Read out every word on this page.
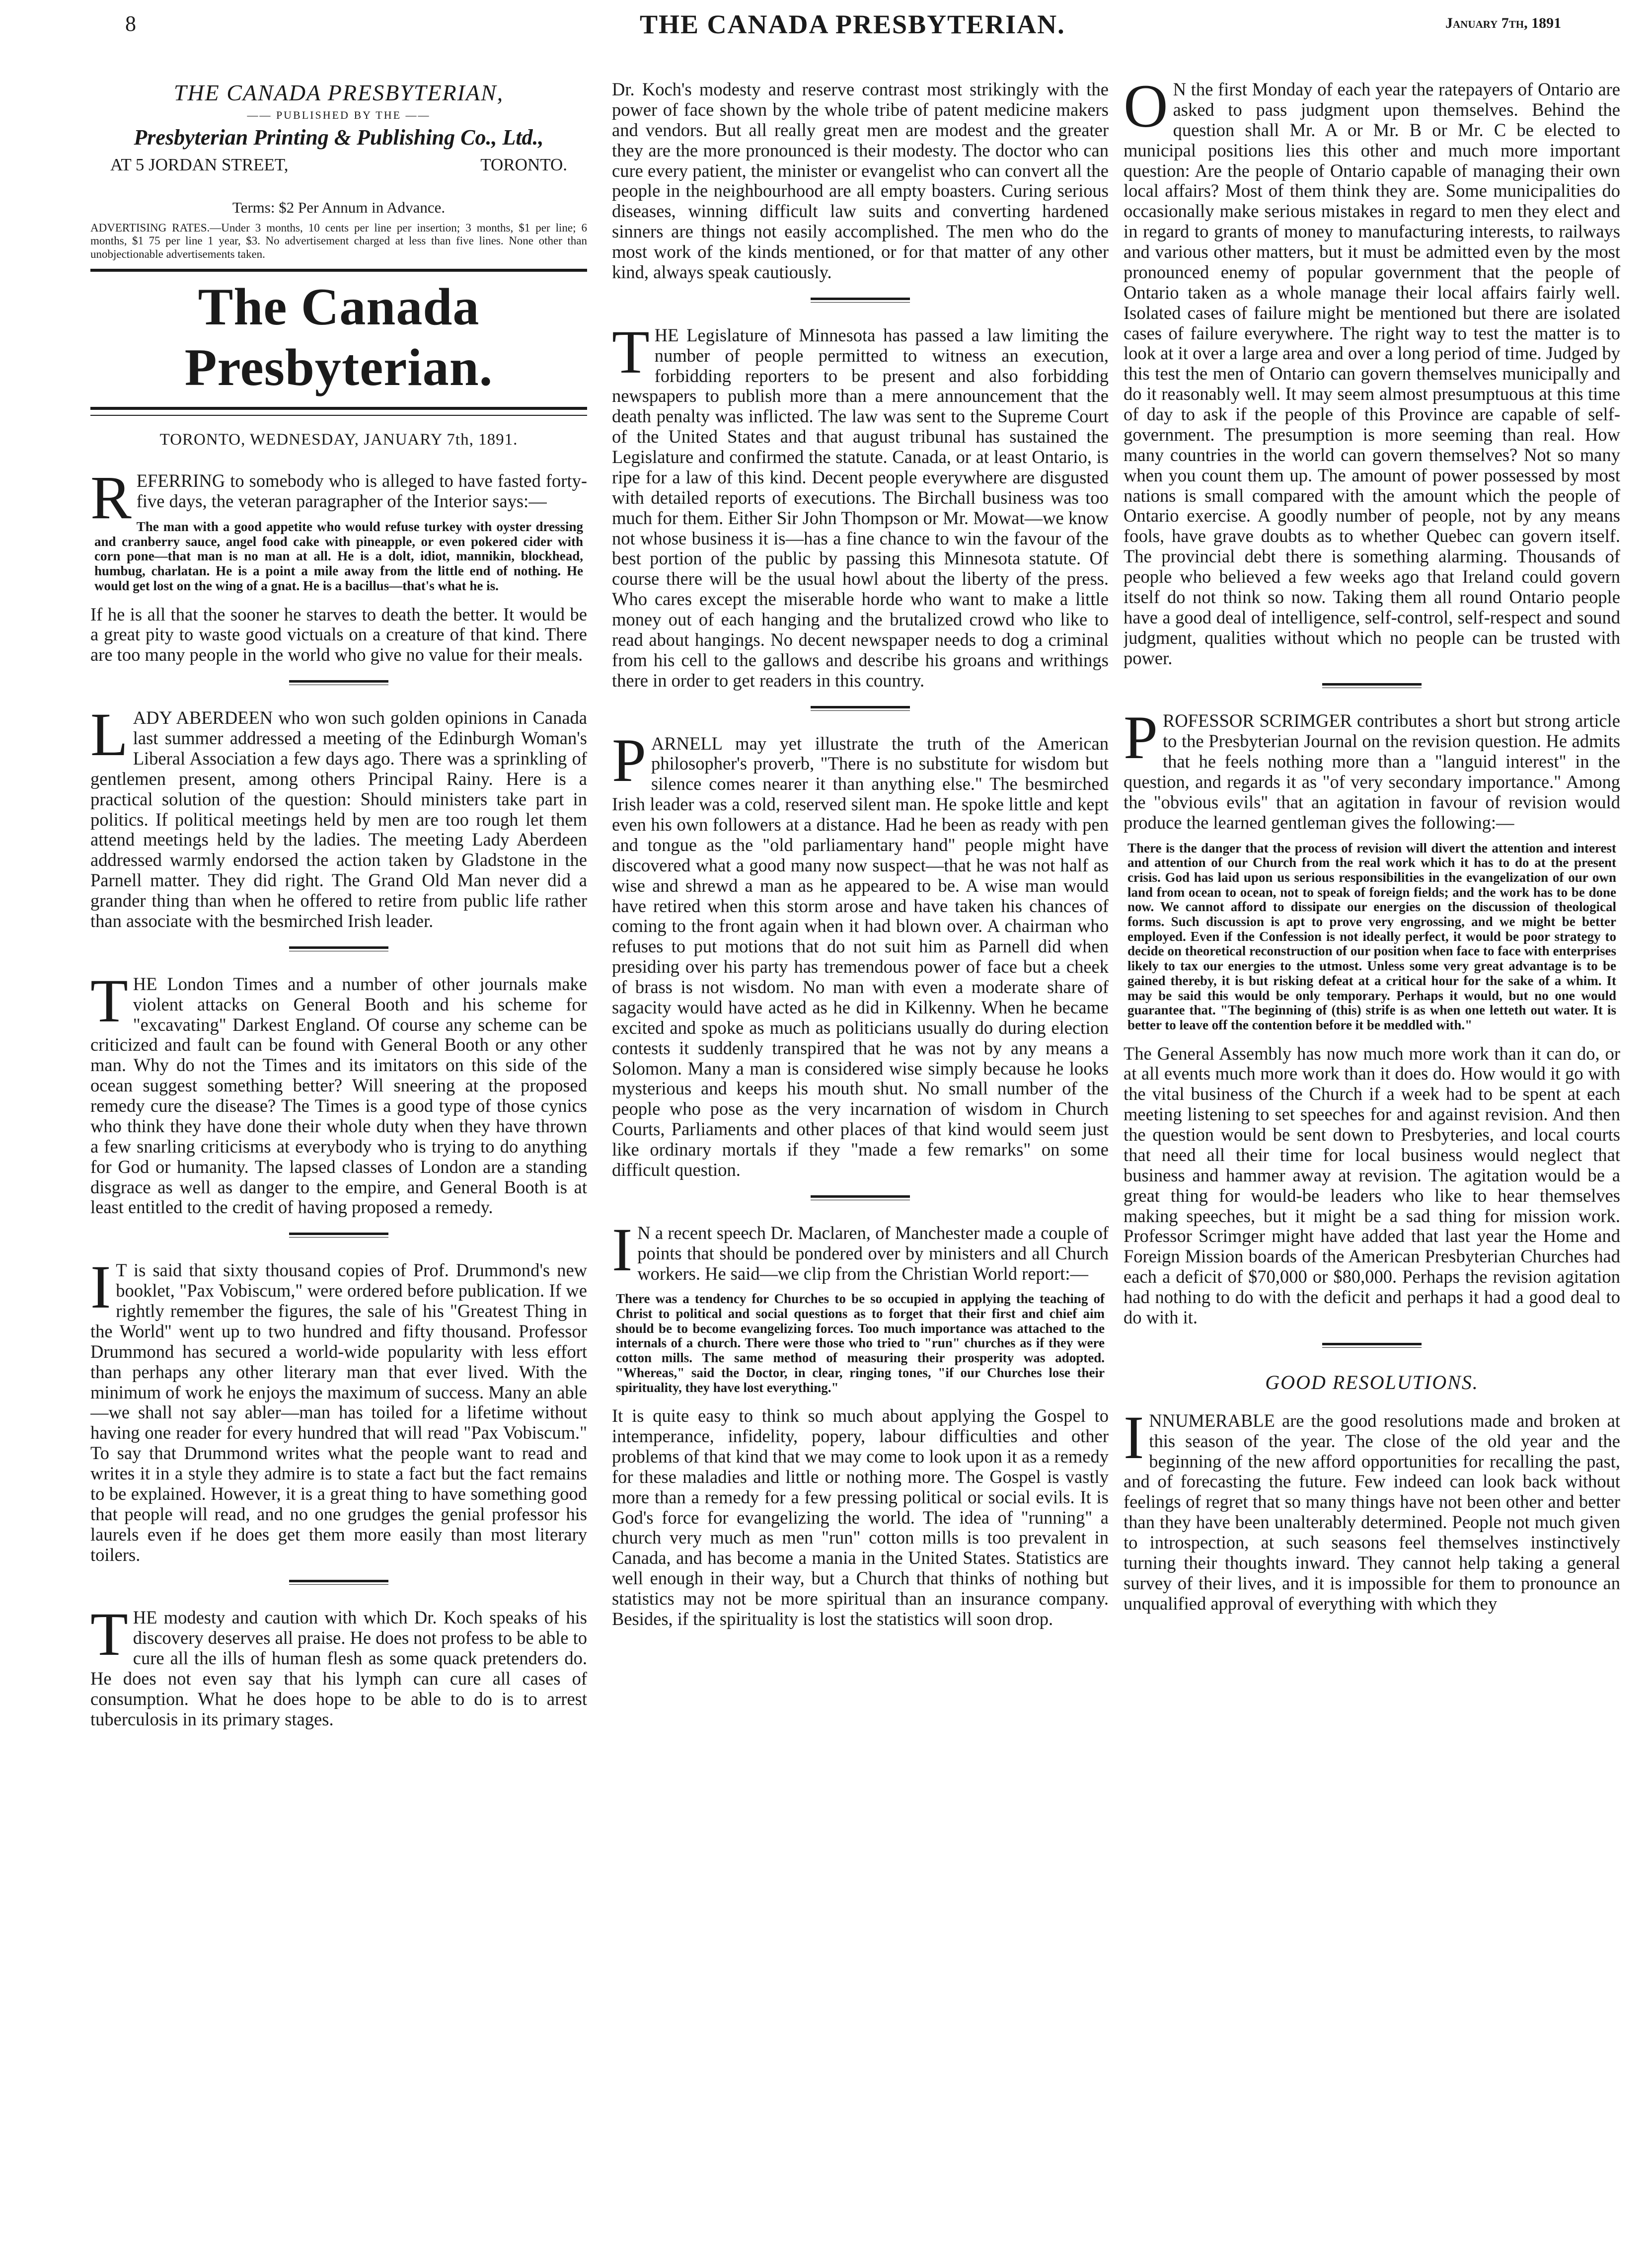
8	THE CANADA PRESBYTERIAN.	January 7th, 1891
THE CANADA PRESBYTERIAN,
—— PUBLISHED BY THE ——
Presbyterian Printing & Publishing Co., Ltd.,
AT 5 JORDAN STREET,	TORONTO.
Terms: $2 Per Annum in Advance.
ADVERTISING RATES.—Under 3 months, 10 cents per line per insertion; 3 months, $1 per line; 6 months, $1 75 per line 1 year, $3. No advertisement charged at less than five lines. None other than unobjectionable advertisements taken.
The Canada Presbyterian.
TORONTO, WEDNESDAY, JANUARY 7th, 1891.

REFERRING to somebody who is alleged to have fasted forty-five days, the veteran paragrapher of the Interior says:—

The man with a good appetite who would refuse turkey with oyster dressing and cranberry sauce, angel food cake with pineapple, or even pokered cider with corn pone—that man is no man at all. He is a dolt, idiot, mannikin, blockhead, humbug, charlatan. He is a point a mile away from the little end of nothing. He would get lost on the wing of a gnat. He is a bacillus—that's what he is.

If he is all that the sooner he starves to death the better. It would be a great pity to waste good victuals on a creature of that kind. There are too many people in the world who give no value for their meals.

LADY ABERDEEN who won such golden opinions in Canada last summer addressed a meeting of the Edinburgh Woman's Liberal Association a few days ago. There was a sprinkling of gentlemen present, among others Principal Rainy. Here is a practical solution of the question: Should ministers take part in politics. If political meetings held by men are too rough let them attend meetings held by the ladies. The meeting Lady Aberdeen addressed warmly endorsed the action taken by Gladstone in the Parnell matter. They did right. The Grand Old Man never did a grander thing than when he offered to retire from public life rather than associate with the besmirched Irish leader.

THE London Times and a number of other journals make violent attacks on General Booth and his scheme for "excavating" Darkest England. Of course any scheme can be criticized and fault can be found with General Booth or any other man. Why do not the Times and its imitators on this side of the ocean suggest something better? Will sneering at the proposed remedy cure the disease? The Times is a good type of those cynics who think they have done their whole duty when they have thrown a few snarling criticisms at everybody who is trying to do anything for God or humanity. The lapsed classes of London are a standing disgrace as well as danger to the empire, and General Booth is at least entitled to the credit of having proposed a remedy.

IT is said that sixty thousand copies of Prof. Drummond's new booklet, "Pax Vobiscum," were ordered before publication. If we rightly remember the figures, the sale of his "Greatest Thing in the World" went up to two hundred and fifty thousand. Professor Drummond has secured a world-wide popularity with less effort than perhaps any other literary man that ever lived. With the minimum of work he enjoys the maximum of success. Many an able—we shall not say abler—man has toiled for a lifetime without having one reader for every hundred that will read "Pax Vobiscum." To say that Drummond writes what the people want to read and writes it in a style they admire is to state a fact but the fact remains to be explained. However, it is a great thing to have something good that people will read, and no one grudges the genial professor his laurels even if he does get them more easily than most literary toilers.

THE modesty and caution with which Dr. Koch speaks of his discovery deserves all praise. He does not profess to be able to cure all the ills of human flesh as some quack pretenders do. He does not even say that his lymph can cure all cases of consumption. What he does hope to be able to do is to arrest tuberculosis in its primary stages.

Dr. Koch's modesty and reserve contrast most strikingly with the power of face shown by the whole tribe of patent medicine makers and vendors. But all really great men are modest and the greater they are the more pronounced is their modesty. The doctor who can cure every patient, the minister or evangelist who can convert all the people in the neighbourhood are all empty boasters. Curing serious diseases, winning difficult law suits and converting hardened sinners are things not easily accomplished. The men who do the most work of the kinds mentioned, or for that matter of any other kind, always speak cautiously.

THE Legislature of Minnesota has passed a law limiting the number of people permitted to witness an execution, forbidding reporters to be present and also forbidding newspapers to publish more than a mere announcement that the death penalty was inflicted. The law was sent to the Supreme Court of the United States and that august tribunal has sustained the Legislature and confirmed the statute. Canada, or at least Ontario, is ripe for a law of this kind. Decent people everywhere are disgusted with detailed reports of executions. The Birchall business was too much for them. Either Sir John Thompson or Mr. Mowat—we know not whose business it is—has a fine chance to win the favour of the best portion of the public by passing this Minnesota statute. Of course there will be the usual howl about the liberty of the press. Who cares except the miserable horde who want to make a little money out of each hanging and the brutalized crowd who like to read about hangings. No decent newspaper needs to dog a criminal from his cell to the gallows and describe his groans and writhings there in order to get readers in this country.

PARNELL may yet illustrate the truth of the American philosopher's proverb, "There is no substitute for wisdom but silence comes nearer it than anything else." The besmirched Irish leader was a cold, reserved silent man. He spoke little and kept even his own followers at a distance. Had he been as ready with pen and tongue as the "old parliamentary hand" people might have discovered what a good many now suspect—that he was not half as wise and shrewd a man as he appeared to be. A wise man would have retired when this storm arose and have taken his chances of coming to the front again when it had blown over. A chairman who refuses to put motions that do not suit him as Parnell did when presiding over his party has tremendous power of face but a cheek of brass is not wisdom. No man with even a moderate share of sagacity would have acted as he did in Kilkenny. When he became excited and spoke as much as politicians usually do during election contests it suddenly transpired that he was not by any means a Solomon. Many a man is considered wise simply because he looks mysterious and keeps his mouth shut. No small number of the people who pose as the very incarnation of wisdom in Church Courts, Parliaments and other places of that kind would seem just like ordinary mortals if they "made a few remarks" on some difficult question.

IN a recent speech Dr. Maclaren, of Manchester made a couple of points that should be pondered over by ministers and all Church workers. He said—we clip from the Christian World report:—

There was a tendency for Churches to be so occupied in applying the teaching of Christ to political and social questions as to forget that their first and chief aim should be to become evangelizing forces. Too much importance was attached to the internals of a church. There were those who tried to "run" churches as if they were cotton mills. The same method of measuring their prosperity was adopted. "Whereas," said the Doctor, in clear, ringing tones, "if our Churches lose their spirituality, they have lost everything."

It is quite easy to think so much about applying the Gospel to intemperance, infidelity, popery, labour difficulties and other problems of that kind that we may come to look upon it as a remedy for these maladies and little or nothing more. The Gospel is vastly more than a remedy for a few pressing political or social evils. It is God's force for evangelizing the world. The idea of "running" a church very much as men "run" cotton mills is too prevalent in Canada, and has become a mania in the United States. Statistics are well enough in their way, but a Church that thinks of nothing but statistics may not be more spiritual than an insurance company. Besides, if the spirituality is lost the statistics will soon drop.

ON the first Monday of each year the ratepayers of Ontario are asked to pass judgment upon themselves. Behind the question shall Mr. A or Mr. B or Mr. C be elected to municipal positions lies this other and much more important question: Are the people of Ontario capable of managing their own local affairs? Most of them think they are. Some municipalities do occasionally make serious mistakes in regard to men they elect and in regard to grants of money to manufacturing interests, to railways and various other matters, but it must be admitted even by the most pronounced enemy of popular government that the people of Ontario taken as a whole manage their local affairs fairly well. Isolated cases of failure might be mentioned but there are isolated cases of failure everywhere. The right way to test the matter is to look at it over a large area and over a long period of time. Judged by this test the men of Ontario can govern themselves municipally and do it reasonably well. It may seem almost presumptuous at this time of day to ask if the people of this Province are capable of self-government. The presumption is more seeming than real. How many countries in the world can govern themselves? Not so many when you count them up. The amount of power possessed by most nations is small compared with the amount which the people of Ontario exercise. A goodly number of people, not by any means fools, have grave doubts as to whether Quebec can govern itself. The provincial debt there is something alarming. Thousands of people who believed a few weeks ago that Ireland could govern itself do not think so now. Taking them all round Ontario people have a good deal of intelligence, self-control, self-respect and sound judgment, qualities without which no people can be trusted with power.

PROFESSOR SCRIMGER contributes a short but strong article to the Presbyterian Journal on the revision question. He admits that he feels nothing more than a "languid interest" in the question, and regards it as "of very secondary importance." Among the "obvious evils" that an agitation in favour of revision would produce the learned gentleman gives the following:—

There is the danger that the process of revision will divert the attention and interest and attention of our Church from the real work which it has to do at the present crisis. God has laid upon us serious responsibilities in the evangelization of our own land from ocean to ocean, not to speak of foreign fields; and the work has to be done now. We cannot afford to dissipate our energies on the discussion of theological forms. Such discussion is apt to prove very engrossing, and we might be better employed. Even if the Confession is not ideally perfect, it would be poor strategy to decide on theoretical reconstruction of our position when face to face with enterprises likely to tax our energies to the utmost. Unless some very great advantage is to be gained thereby, it is but risking defeat at a critical hour for the sake of a whim. It may be said this would be only temporary. Perhaps it would, but no one would guarantee that. "The beginning of (this) strife is as when one letteth out water. It is better to leave off the contention before it be meddled with."

The General Assembly has now much more work than it can do, or at all events much more work than it does do. How would it go with the vital business of the Church if a week had to be spent at each meeting listening to set speeches for and against revision. And then the question would be sent down to Presbyteries, and local courts that need all their time for local business would neglect that business and hammer away at revision. The agitation would be a great thing for would-be leaders who like to hear themselves making speeches, but it might be a sad thing for mission work. Professor Scrimger might have added that last year the Home and Foreign Mission boards of the American Presbyterian Churches had each a deficit of $70,000 or $80,000. Perhaps the revision agitation had nothing to do with the deficit and perhaps it had a good deal to do with it.

GOOD RESOLUTIONS.

INNUMERABLE are the good resolutions made and broken at this season of the year. The close of the old year and the beginning of the new afford opportunities for recalling the past, and of forecasting the future. Few indeed can look back without feelings of regret that so many things have not been other and better than they have been unalterably determined. People not much given to introspection, at such seasons feel themselves instinctively turning their thoughts inward. They cannot help taking a general survey of their lives, and it is impossible for them to pronounce an unqualified approval of everything with which they
